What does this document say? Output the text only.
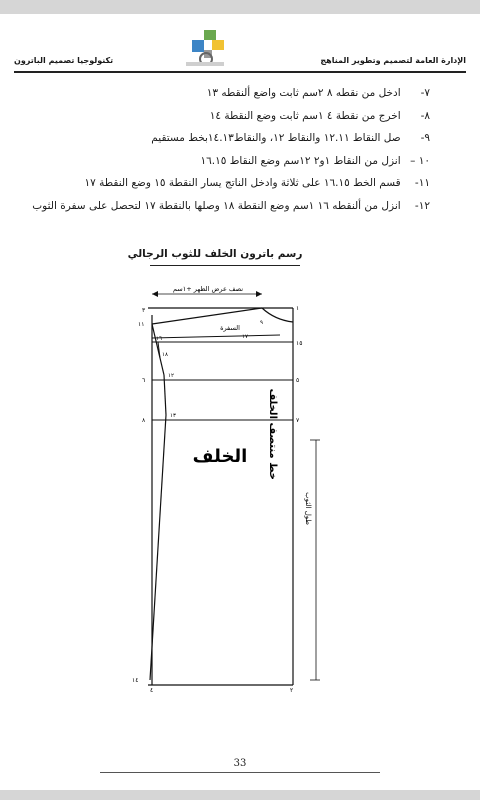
الإدارة العامة لتصميم وتطوير المناهج
تكنولوجيا تصميم الباترون

٧- ادخل من نقطه ٨ ٢سم ثابت واضع ألنقطه ١٣

٨- اخرج من نقطة ٤ ١سم ثابت وضع النقطة ١٤

٩- صل النقاط ١٢.١١ والنقاط ١٢، والنقاط١٤.١٣بخط مستقيم

١٠ – انزل من النقاط ١و٢ ١٢سم وضع النقاط ١٦.١٥

١١- قسم الخط ١٦.١٥ على ثلاثة وادخل الناتج يسار النقطة ١٥ وضع النقطة ١٧

١٢- انزل من ألنقطه ١٦ ١سم وضع النقطة ١٨ وصلها بالنقطة ١٧ لتحصل على سفرة الثوب

رسم باترون الخلف للثوب الرجالي
نصف عرض الظهر +١سم
السفرة
الخلف خط منتصف الخلف
طول الثوب
١
٣
٩
١١
١٦	١٧
١٥
١٨
٦
١٢
٥
٨
١٣
٧
١٤
٤	٢
33
